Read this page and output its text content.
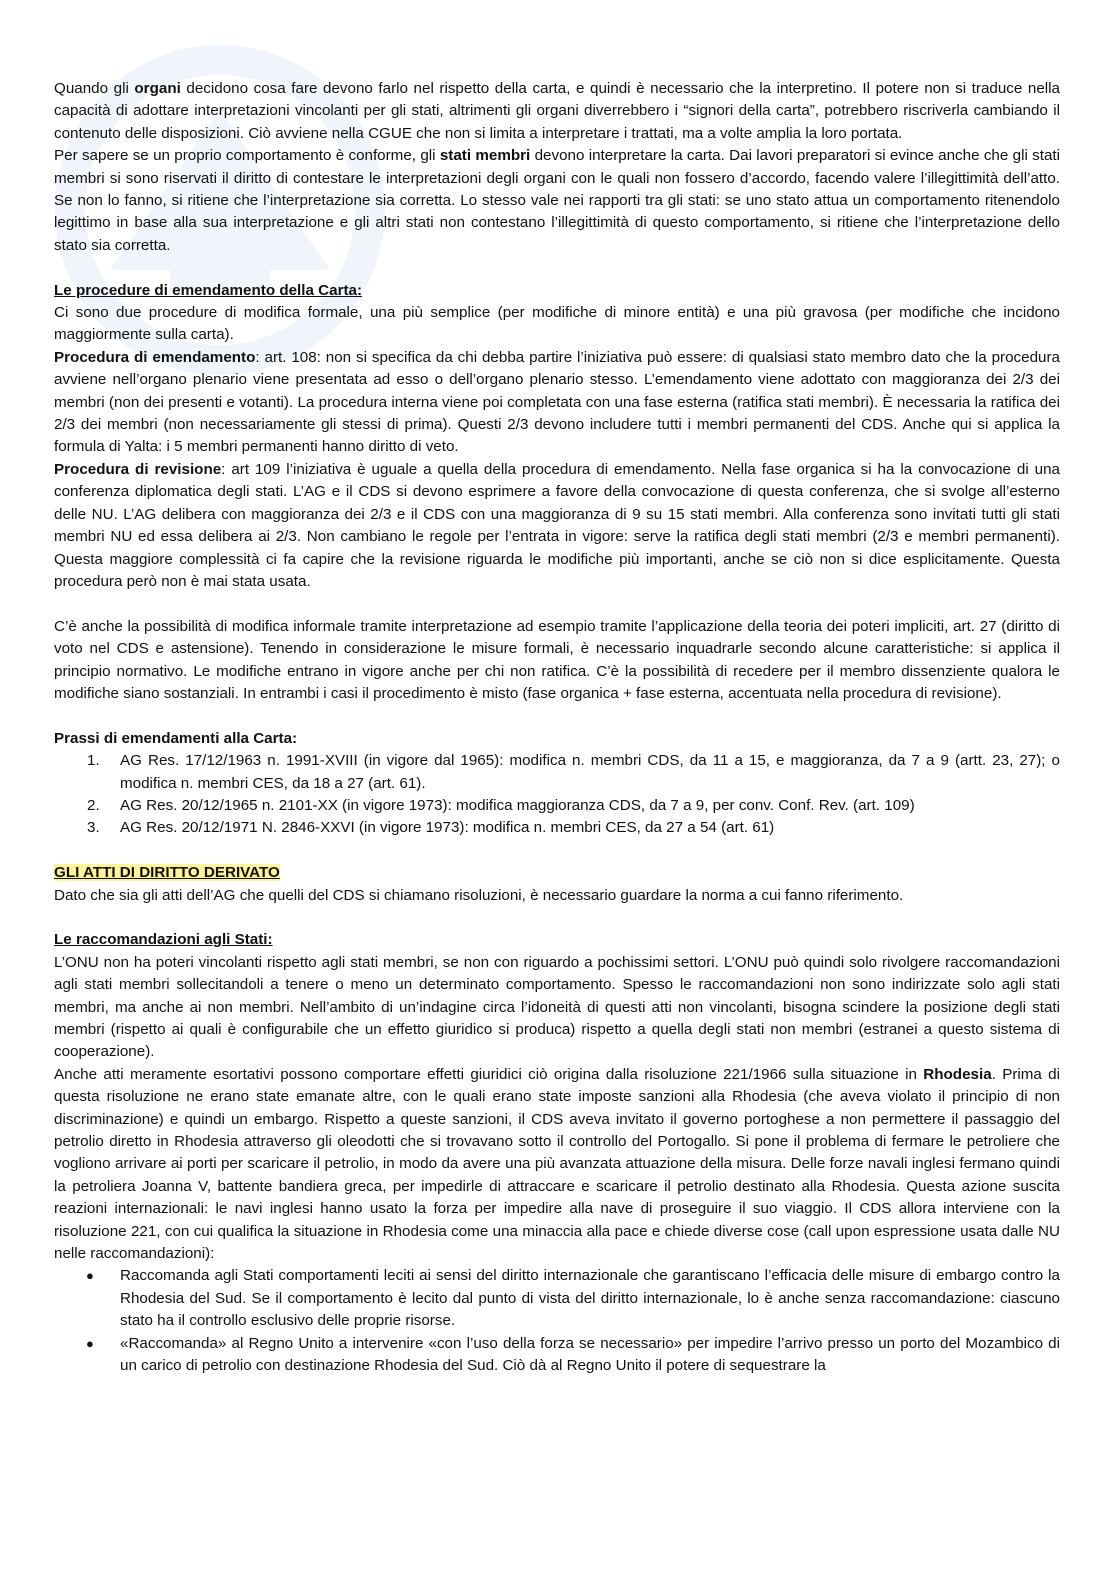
Quando gli organi decidono cosa fare devono farlo nel rispetto della carta, e quindi è necessario che la interpretino. Il potere non si traduce nella capacità di adottare interpretazioni vincolanti per gli stati, altrimenti gli organi diverrebbero i “signori della carta”, potrebbero riscriverla cambiando il contenuto delle disposizioni. Ciò avviene nella CGUE che non si limita a interpretare i trattati, ma a volte amplia la loro portata.

Per sapere se un proprio comportamento è conforme, gli stati membri devono interpretare la carta. Dai lavori preparatori si evince anche che gli stati membri si sono riservati il diritto di contestare le interpretazioni degli organi con le quali non fossero d’accordo, facendo valere l’illegittimità dell’atto. Se non lo fanno, si ritiene che l’interpretazione sia corretta. Lo stesso vale nei rapporti tra gli stati: se uno stato attua un comportamento ritenendolo legittimo in base alla sua interpretazione e gli altri stati non contestano l’illegittimità di questo comportamento, si ritiene che l’interpretazione dello stato sia corretta.

Le procedure di emendamento della Carta:

Ci sono due procedure di modifica formale, una più semplice (per modifiche di minore entità) e una più gravosa (per modifiche che incidono maggiormente sulla carta).

Procedura di emendamento: art. 108: non si specifica da chi debba partire l’iniziativa può essere: di qualsiasi stato membro dato che la procedura avviene nell’organo plenario viene presentata ad esso o dell’organo plenario stesso. L’emendamento viene adottato con maggioranza dei 2/3 dei membri (non dei presenti e votanti). La procedura interna viene poi completata con una fase esterna (ratifica stati membri). È necessaria la ratifica dei 2/3 dei membri (non necessariamente gli stessi di prima). Questi 2/3 devono includere tutti i membri permanenti del CDS. Anche qui si applica la formula di Yalta: i 5 membri permanenti hanno diritto di veto.

Procedura di revisione: art 109 l’iniziativa è uguale a quella della procedura di emendamento. Nella fase organica si ha la convocazione di una conferenza diplomatica degli stati. L’AG e il CDS si devono esprimere a favore della convocazione di questa conferenza, che si svolge all’esterno delle NU. L’AG delibera con maggioranza dei 2/3 e il CDS con una maggioranza di 9 su 15 stati membri. Alla conferenza sono invitati tutti gli stati membri NU ed essa delibera ai 2/3. Non cambiano le regole per l’entrata in vigore: serve la ratifica degli stati membri (2/3 e membri permanenti). Questa maggiore complessità ci fa capire che la revisione riguarda le modifiche più importanti, anche se ciò non si dice esplicitamente. Questa procedura però non è mai stata usata.

C’è anche la possibilità di modifica informale tramite interpretazione ad esempio tramite l’applicazione della teoria dei poteri impliciti, art. 27 (diritto di voto nel CDS e astensione). Tenendo in considerazione le misure formali, è necessario inquadrarle secondo alcune caratteristiche: si applica il principio normativo. Le modifiche entrano in vigore anche per chi non ratifica. C’è la possibilità di recedere per il membro dissenziente qualora le modifiche siano sostanziali. In entrambi i casi il procedimento è misto (fase organica + fase esterna, accentuata nella procedura di revisione).

Prassi di emendamenti alla Carta:

1. AG Res. 17/12/1963 n. 1991-XVIII (in vigore dal 1965): modifica n. membri CDS, da 11 a 15, e maggioranza, da 7 a 9 (artt. 23, 27); o modifica n. membri CES, da 18 a 27 (art. 61).
2. AG Res. 20/12/1965 n. 2101-XX (in vigore 1973): modifica maggioranza CDS, da 7 a 9, per conv. Conf. Rev. (art. 109)
3. AG Res. 20/12/1971 N. 2846-XXVI (in vigore 1973): modifica n. membri CES, da 27 a 54 (art. 61)

GLI ATTI DI DIRITTO DERIVATO

Dato che sia gli atti dell’AG che quelli del CDS si chiamano risoluzioni, è necessario guardare la norma a cui fanno riferimento.

Le raccomandazioni agli Stati:

L’ONU non ha poteri vincolanti rispetto agli stati membri, se non con riguardo a pochissimi settori. L’ONU può quindi solo rivolgere raccomandazioni agli stati membri sollecitandoli a tenere o meno un determinato comportamento. Spesso le raccomandazioni non sono indirizzate solo agli stati membri, ma anche ai non membri. Nell’ambito di un’indagine circa l’idoneità di questi atti non vincolanti, bisogna scindere la posizione degli stati membri (rispetto ai quali è configurabile che un effetto giuridico si produca) rispetto a quella degli stati non membri (estranei a questo sistema di cooperazione).

Anche atti meramente esortativi possono comportare effetti giuridici ciò origina dalla risoluzione 221/1966 sulla situazione in Rhodesia. Prima di questa risoluzione ne erano state emanate altre, con le quali erano state imposte sanzioni alla Rhodesia (che aveva violato il principio di non discriminazione) e quindi un embargo. Rispetto a queste sanzioni, il CDS aveva invitato il governo portoghese a non permettere il passaggio del petrolio diretto in Rhodesia attraverso gli oleodotti che si trovavano sotto il controllo del Portogallo. Si pone il problema di fermare le petroliere che vogliono arrivare ai porti per scaricare il petrolio, in modo da avere una più avanzata attuazione della misura. Delle forze navali inglesi fermano quindi la petroliera Joanna V, battente bandiera greca, per impedirle di attraccare e scaricare il petrolio destinato alla Rhodesia. Questa azione suscita reazioni internazionali: le navi inglesi hanno usato la forza per impedire alla nave di proseguire il suo viaggio. Il CDS allora interviene con la risoluzione 221, con cui qualifica la situazione in Rhodesia come una minaccia alla pace e chiede diverse cose (call upon espressione usata dalle NU nelle raccomandazioni):

● Raccomanda agli Stati comportamenti leciti ai sensi del diritto internazionale che garantiscano l’efficacia delle misure di embargo contro la Rhodesia del Sud. Se il comportamento è lecito dal punto di vista del diritto internazionale, lo è anche senza raccomandazione: ciascuno stato ha il controllo esclusivo delle proprie risorse.
● «Raccomanda» al Regno Unito a intervenire «con l’uso della forza se necessario» per impedire l’arrivo presso un porto del Mozambico di un carico di petrolio con destinazione Rhodesia del Sud. Ciò dà al Regno Unito il potere di sequestrare la
